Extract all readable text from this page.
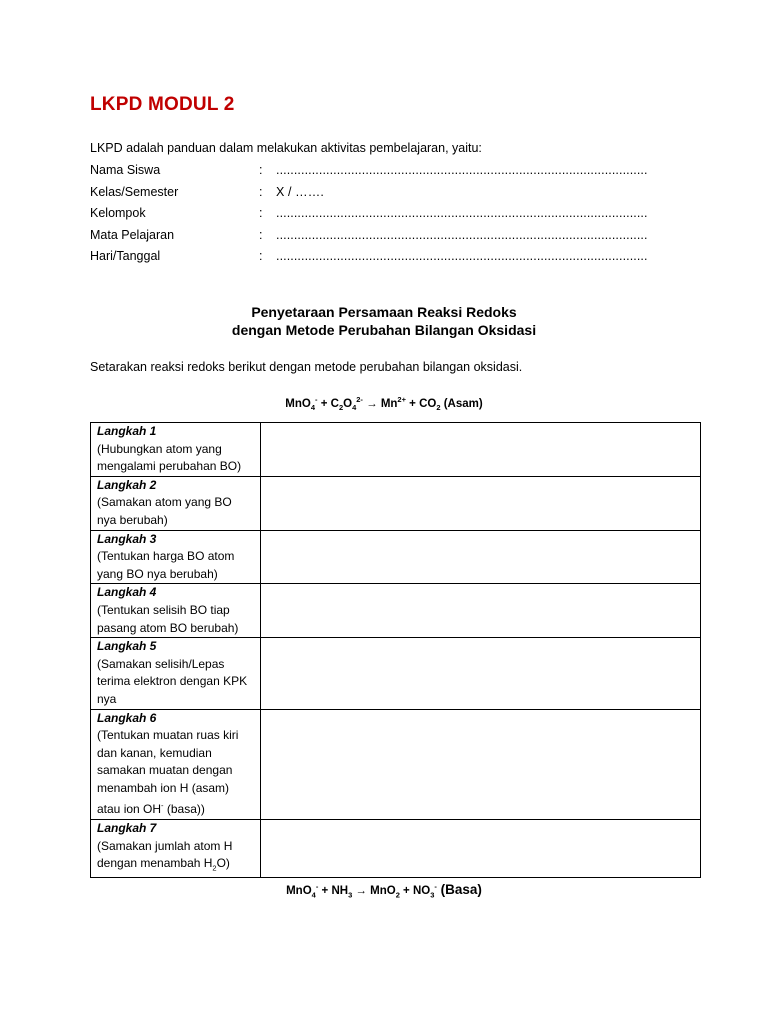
LKPD MODUL 2
LKPD adalah panduan dalam melakukan aktivitas pembelajaran, yaitu:
Nama Siswa	: ........................................................................................................
Kelas/Semester	: X / …….
Kelompok	: ........................................................................................................
Mata Pelajaran	: ........................................................................................................
Hari/Tanggal	: ........................................................................................................
Penyetaraan Persamaan Reaksi Redoks
dengan Metode Perubahan Bilangan Oksidasi
Setarakan reaksi redoks berikut dengan metode perubahan bilangan oksidasi.
$MnO_4^- + C_2O_4^{2-} \to Mn^{2+} + CO_2$ (Asam)
Langkah 1
(Hubungkan atom yang mengalami perubahan BO)	

Langkah 2
(Samakan atom yang BO nya berubah)	

Langkah 3
(Tentukan harga BO atom yang BO nya berubah)	

Langkah 4
(Tentukan selisih BO tiap pasang atom BO berubah)	

Langkah 5
(Samakan selisih/Lepas terima elektron dengan KPK nya	

Langkah 6
(Tentukan muatan ruas kiri dan kanan, kemudian samakan muatan dengan menambah ion H (asam) atau ion OH- (basa))	

Langkah 7
(Samakan jumlah atom H dengan menambah $H_2O$)	

$MnO_4^- + NH_3 \to MnO_2 + NO_3^-$ (Basa)
